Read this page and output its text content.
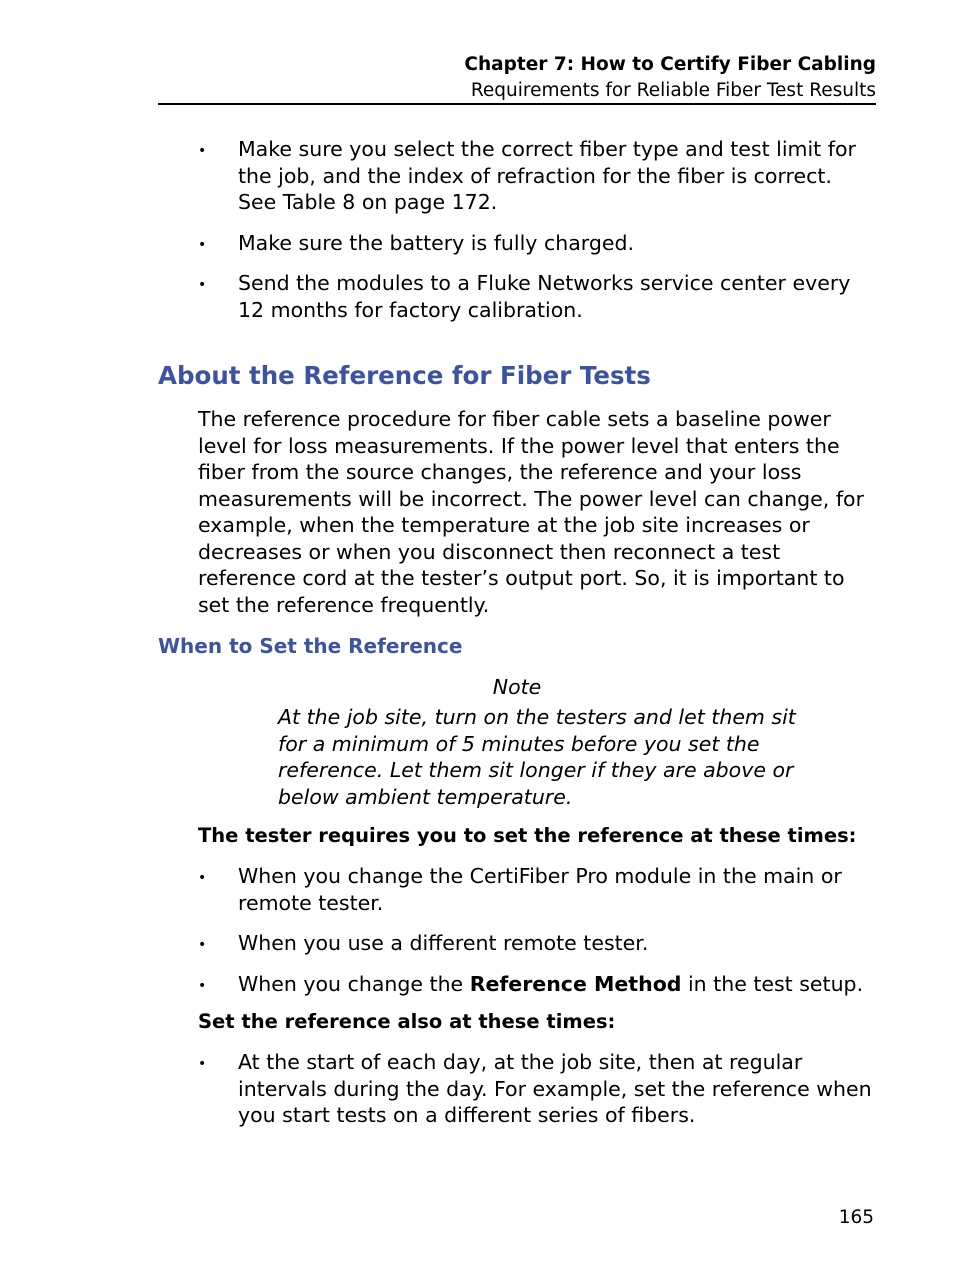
Chapter 7: How to Certify Fiber Cabling
Requirements for Reliable Fiber Test Results
• Make sure you select the correct fiber type and test limit for the job, and the index of refraction for the fiber is correct. See Table 8 on page 172.
• Make sure the battery is fully charged.
• Send the modules to a Fluke Networks service center every 12 months for factory calibration.
About the Reference for Fiber Tests

The reference procedure for fiber cable sets a baseline power level for loss measurements. If the power level that enters the fiber from the source changes, the reference and your loss measurements will be incorrect. The power level can change, for example, when the temperature at the job site increases or decreases or when you disconnect then reconnect a test reference cord at the tester’s output port. So, it is important to set the reference frequently.

When to Set the Reference
Note

At the job site, turn on the testers and let them sit for a minimum of 5 minutes before you set the reference. Let them sit longer if they are above or below ambient temperature.

The tester requires you to set the reference at these times:

• When you change the CertiFiber Pro module in the main or remote tester.
• When you use a different remote tester.
• When you change the Reference Method in the test setup.

Set the reference also at these times:

• At the start of each day, at the job site, then at regular intervals during the day. For example, set the reference when you start tests on a different series of fibers.
165
